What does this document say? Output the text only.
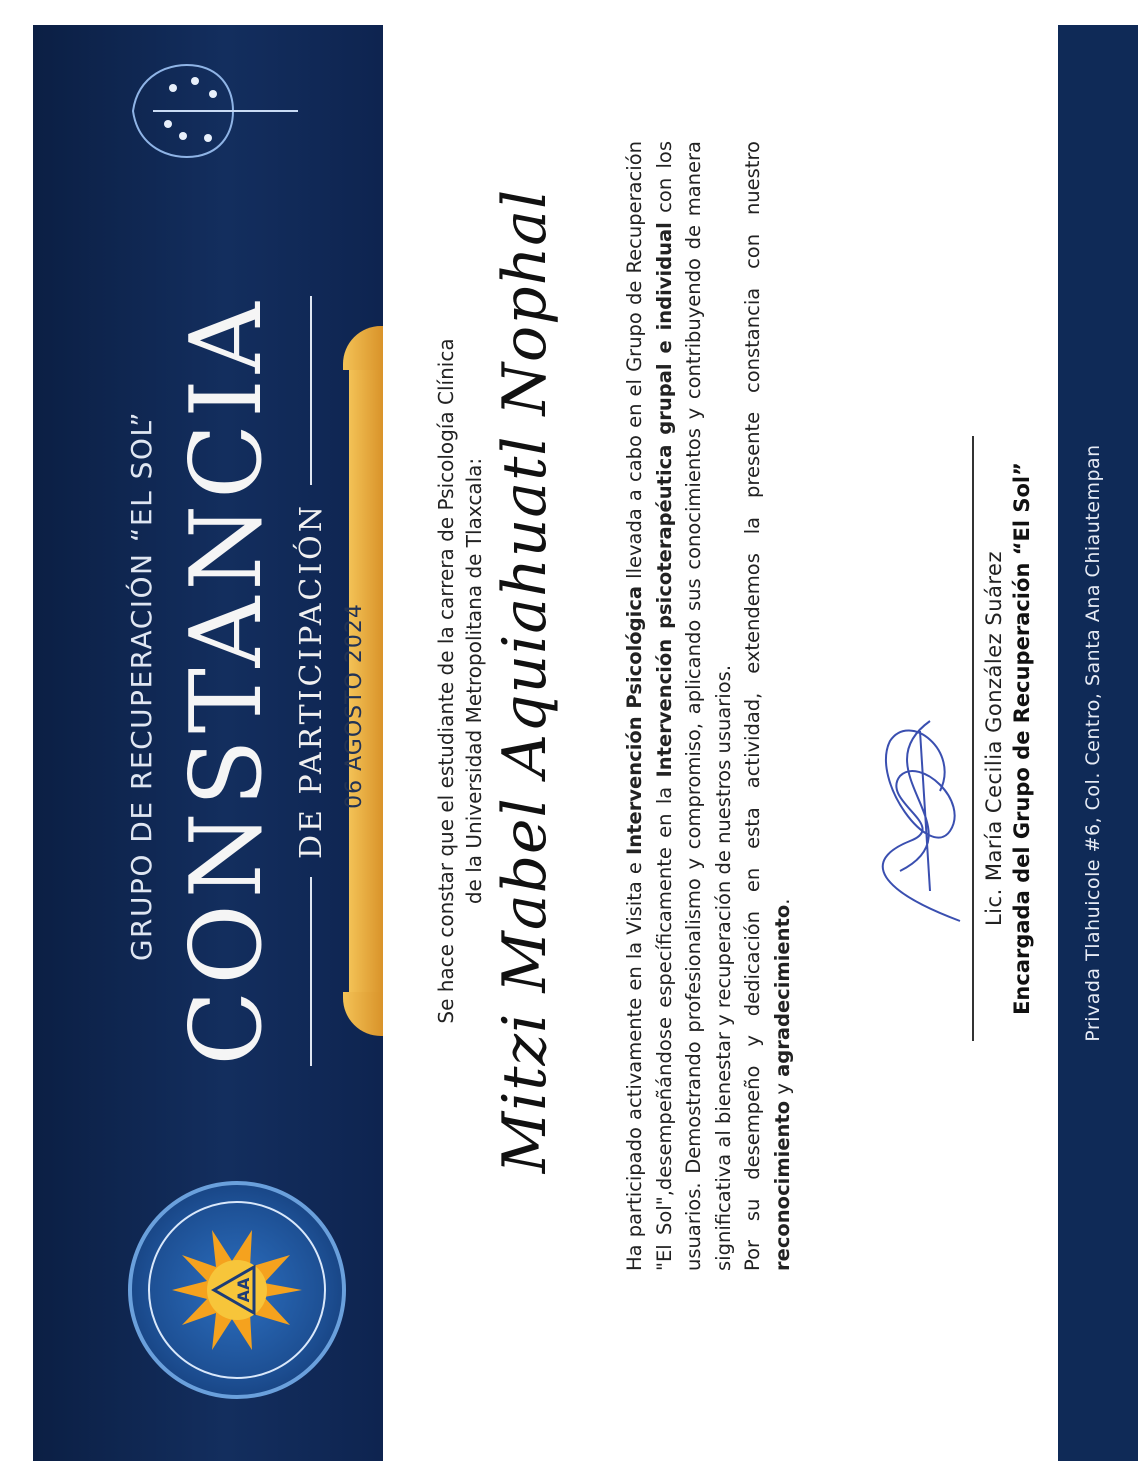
AA
GRUPO DE RECUPERACIÓN “EL SOL” CONSTANCIA DE PARTICIPACIÓN 06 AGOSTO 2024	Se hace constar que el estudiante de la carrera de Psicología Clínica de la Universidad Metropolitana de Tlaxcala: Mitzi Mabel Aquiahuatl Nophal	Ha participado activamente en la Visita e Intervención Psicológica llevada a cabo en el Grupo de Recuperación "El Sol",desempeñándose específicamente en la Intervención psicoterapéutica grupal e individual con los usuarios. Demostrando profesionalismo y compromiso, aplicando sus conocimientos y contribuyendo de manera significativa al bienestar y recuperación de nuestros usuarios. Por su desempeño y dedicación en esta actividad, extendemos la presente constancia con nuestro reconocimiento y agradecimiento.	Lic. María Cecilia González Suárez Encargada del Grupo de Recuperación “El Sol”	Privada Tlahuicole #6, Col. Centro, Santa Ana Chiautempan
